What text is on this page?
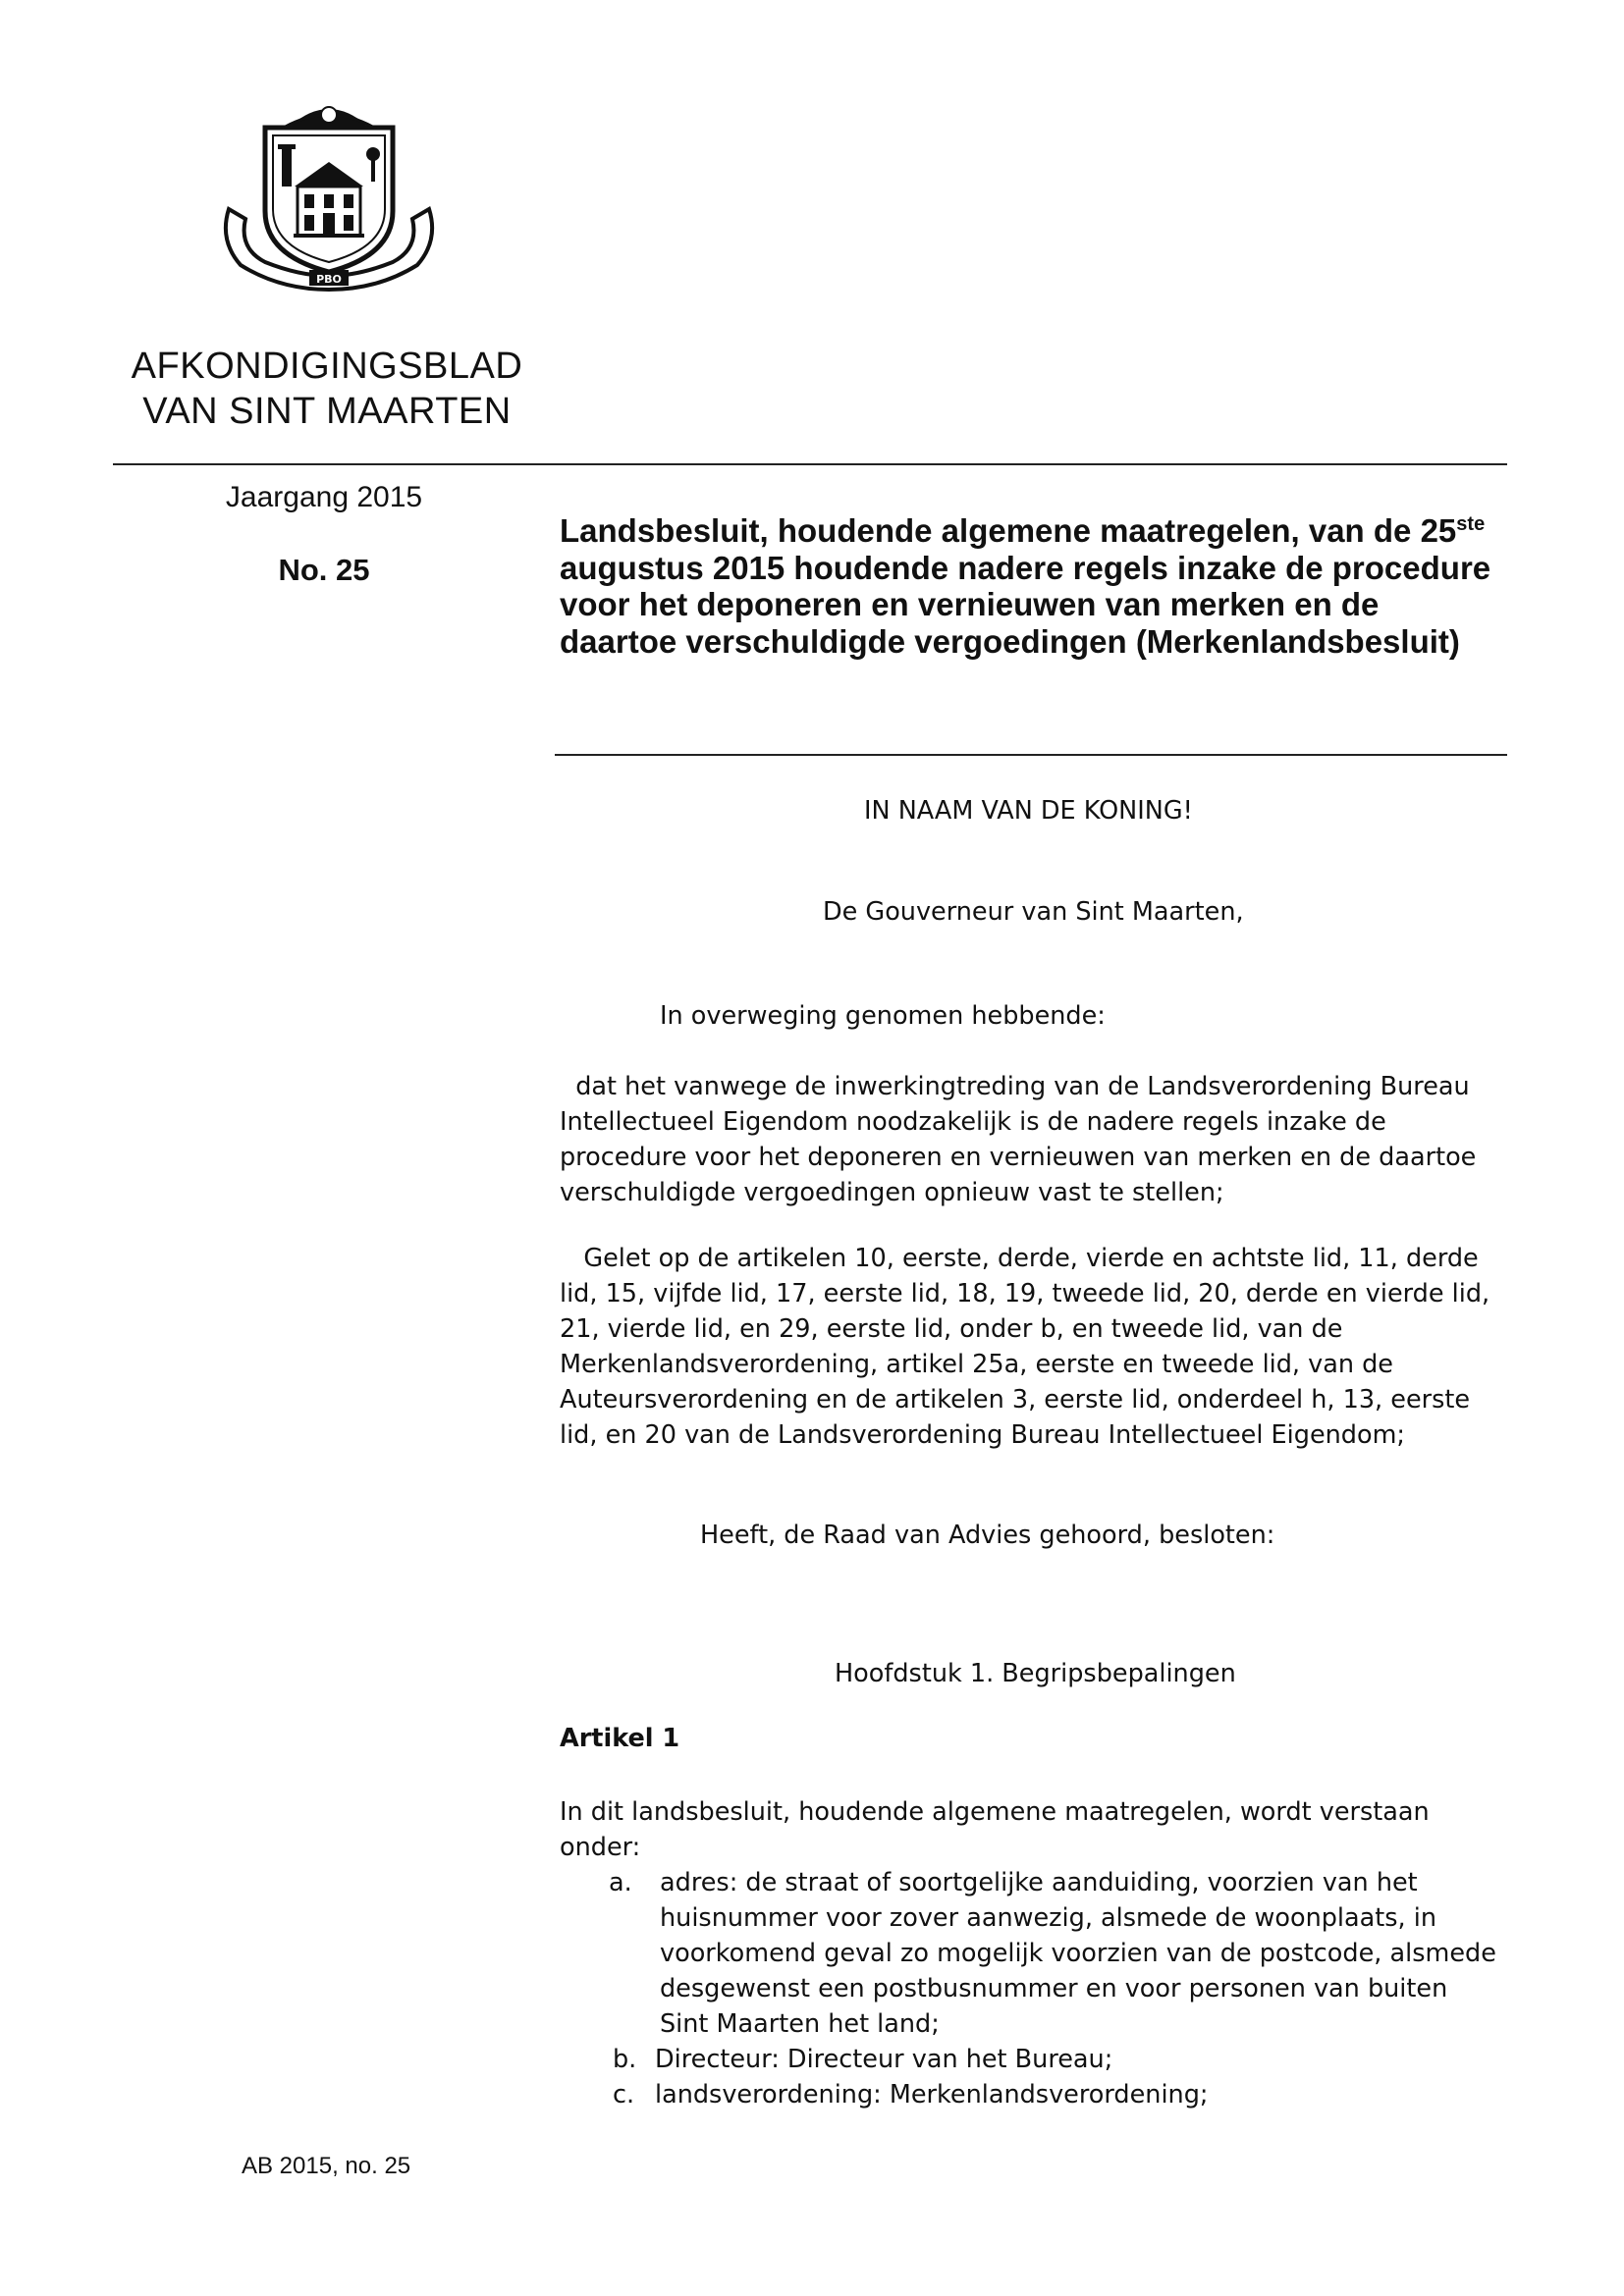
PBO
AFKONDIGINGSBLAD
VAN SINT MAARTEN
Jaargang 2015
No. 25
Landsbesluit, houdende algemene maatregelen, van de 25ste augustus 2015 houdende nadere regels inzake de procedure voor het deponeren en vernieuwen van merken en de daartoe verschuldigde vergoedingen (Merkenlandsbesluit)
IN NAAM VAN DE KONING!
De Gouverneur van Sint Maarten,
In overweging genomen hebbende:
dat het vanwege de inwerkingtreding van de Landsverordening Bureau Intellectueel Eigendom noodzakelijk is de nadere regels inzake de procedure voor het deponeren en vernieuwen van merken en de daartoe verschuldigde vergoedingen opnieuw vast te stellen;
Gelet op de artikelen 10, eerste, derde, vierde en achtste lid, 11, derde lid, 15, vijfde lid, 17, eerste lid, 18, 19, tweede lid, 20, derde en vierde lid, 21, vierde lid, en 29, eerste lid, onder b, en tweede lid, van de Merkenlandsverordening, artikel 25a, eerste en tweede lid, van de Auteursverordening en de artikelen 3, eerste lid, onderdeel h, 13, eerste lid, en 20 van de Landsverordening Bureau Intellectueel Eigendom;
Heeft, de Raad van Advies gehoord, besloten:
Hoofdstuk 1. Begripsbepalingen
Artikel 1
In dit landsbesluit, houdende algemene maatregelen, wordt verstaan onder:
a. adres: de straat of soortgelijke aanduiding, voorzien van het huisnummer voor zover aanwezig, alsmede de woonplaats, in voorkomend geval zo mogelijk voorzien van de postcode, alsmede desgewenst een postbusnummer en voor personen van buiten Sint Maarten het land;
b. Directeur: Directeur van het Bureau;
c. landsverordening: Merkenlandsverordening;
AB 2015, no. 25
